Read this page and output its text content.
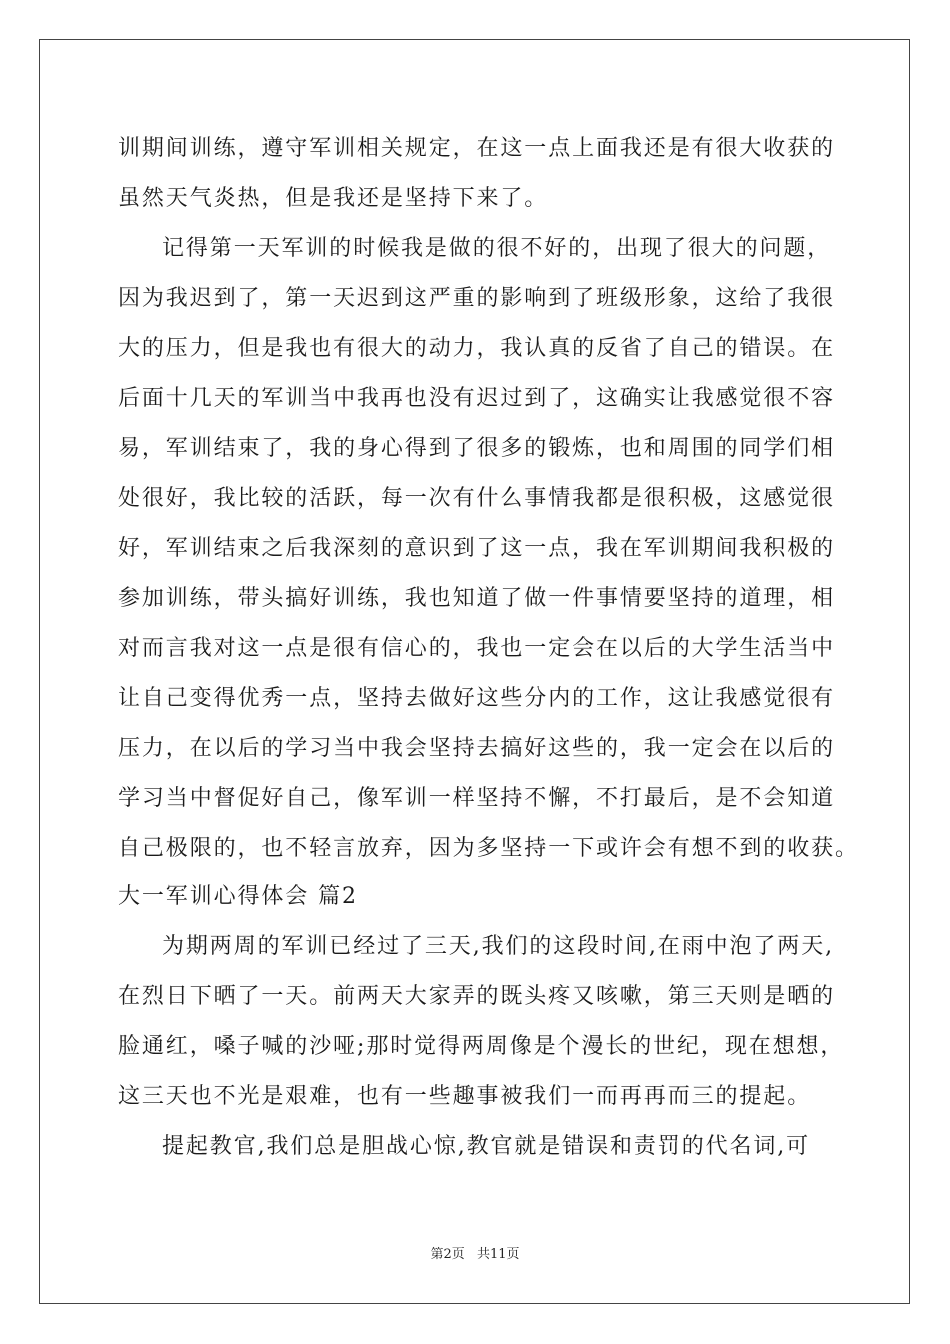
训期间训练，遵守军训相关规定，在这一点上面我还是有很大收获的
虽然天气炎热，但是我还是坚持下来了。
记得第一天军训的时候我是做的很不好的，出现了很大的问题，
因为我迟到了，第一天迟到这严重的影响到了班级形象，这给了我很
大的压力，但是我也有很大的动力，我认真的反省了自己的错误。在
后面十几天的军训当中我再也没有迟过到了，这确实让我感觉很不容
易，军训结束了，我的身心得到了很多的锻炼，也和周围的同学们相
处很好，我比较的活跃，每一次有什么事情我都是很积极，这感觉很
好，军训结束之后我深刻的意识到了这一点，我在军训期间我积极的
参加训练，带头搞好训练，我也知道了做一件事情要坚持的道理，相
对而言我对这一点是很有信心的，我也一定会在以后的大学生活当中
让自己变得优秀一点，坚持去做好这些分内的工作，这让我感觉很有
压力，在以后的学习当中我会坚持去搞好这些的，我一定会在以后的
学习当中督促好自己，像军训一样坚持不懈，不打最后，是不会知道
自己极限的，也不轻言放弃，因为多坚持一下或许会有想不到的收获。
大一军训心得体会 篇2
为期两周的军训已经过了三天,我们的这段时间,在雨中泡了两天,
在烈日下晒了一天。前两天大家弄的既头疼又咳嗽，第三天则是晒的
脸通红，嗓子喊的沙哑;那时觉得两周像是个漫长的世纪，现在想想，
这三天也不光是艰难，也有一些趣事被我们一而再再而三的提起。
提起教官,我们总是胆战心惊,教官就是错误和责罚的代名词,可
第2页 共11页
